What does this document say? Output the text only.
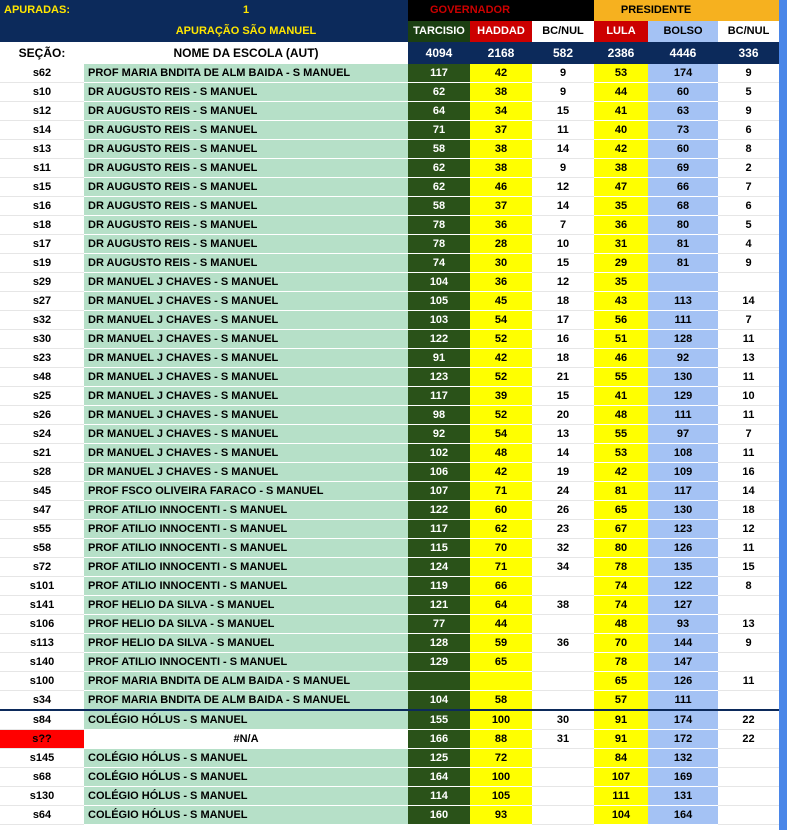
APURADAS:	1	GOVERNADOR			PRESIDENTE		
	APURAÇÃO SÃO MANUEL	TARCISIO	HADDAD	BC/NUL	LULA	BOLSO	BC/NUL
SEÇÃO:	NOME DA ESCOLA (AUT)	4094	2168	582	2386	4446	336
s62	PROF MARIA BNDITA DE ALM BAIDA - S MANUEL	117	42	9	53	174	9
s10	DR AUGUSTO REIS - S MANUEL	62	38	9	44	60	5
s12	DR AUGUSTO REIS - S MANUEL	64	34	15	41	63	9
s14	DR AUGUSTO REIS - S MANUEL	71	37	11	40	73	6
s13	DR AUGUSTO REIS - S MANUEL	58	38	14	42	60	8
s11	DR AUGUSTO REIS - S MANUEL	62	38	9	38	69	2
s15	DR AUGUSTO REIS - S MANUEL	62	46	12	47	66	7
s16	DR AUGUSTO REIS - S MANUEL	58	37	14	35	68	6
s18	DR AUGUSTO REIS - S MANUEL	78	36	7	36	80	5
s17	DR AUGUSTO REIS - S MANUEL	78	28	10	31	81	4
s19	DR AUGUSTO REIS - S MANUEL	74	30	15	29	81	9
s29	DR MANUEL J CHAVES - S MANUEL	104	36	12	35		
s27	DR MANUEL J CHAVES - S MANUEL	105	45	18	43	113	14
s32	DR MANUEL J CHAVES - S MANUEL	103	54	17	56	111	7
s30	DR MANUEL J CHAVES - S MANUEL	122	52	16	51	128	11
s23	DR MANUEL J CHAVES - S MANUEL	91	42	18	46	92	13
s48	DR MANUEL J CHAVES - S MANUEL	123	52	21	55	130	11
s25	DR MANUEL J CHAVES - S MANUEL	117	39	15	41	129	10
s26	DR MANUEL J CHAVES - S MANUEL	98	52	20	48	111	11
s24	DR MANUEL J CHAVES - S MANUEL	92	54	13	55	97	7
s21	DR MANUEL J CHAVES - S MANUEL	102	48	14	53	108	11
s28	DR MANUEL J CHAVES - S MANUEL	106	42	19	42	109	16
s45	PROF FSCO OLIVEIRA FARACO - S MANUEL	107	71	24	81	117	14
s47	PROF ATILIO INNOCENTI - S MANUEL	122	60	26	65	130	18
s55	PROF ATILIO INNOCENTI - S MANUEL	117	62	23	67	123	12
s58	PROF ATILIO INNOCENTI - S MANUEL	115	70	32	80	126	11
s72	PROF ATILIO INNOCENTI - S MANUEL	124	71	34	78	135	15
s101	PROF ATILIO INNOCENTI - S MANUEL	119	66		74	122	8
s141	PROF HELIO DA SILVA - S MANUEL	121	64	38	74	127	
s106	PROF HELIO DA SILVA - S MANUEL	77	44		48	93	13
s113	PROF HELIO DA SILVA - S MANUEL	128	59	36	70	144	9
s140	PROF ATILIO INNOCENTI - S MANUEL	129	65		78	147	
s100	PROF MARIA BNDITA DE ALM BAIDA - S MANUEL				65	126	11
s34	PROF MARIA BNDITA DE ALM BAIDA - S MANUEL	104	58		57	111	
s84	COLÉGIO HÓLUS - S MANUEL	155	100	30	91	174	22
s??	#N/A	166	88	31	91	172	22
s145	COLÉGIO HÓLUS - S MANUEL	125	72		84	132	
s68	COLÉGIO HÓLUS - S MANUEL	164	100		107	169	
s130	COLÉGIO HÓLUS - S MANUEL	114	105		111	131	
s64	COLÉGIO HÓLUS - S MANUEL	160	93		104	164	
